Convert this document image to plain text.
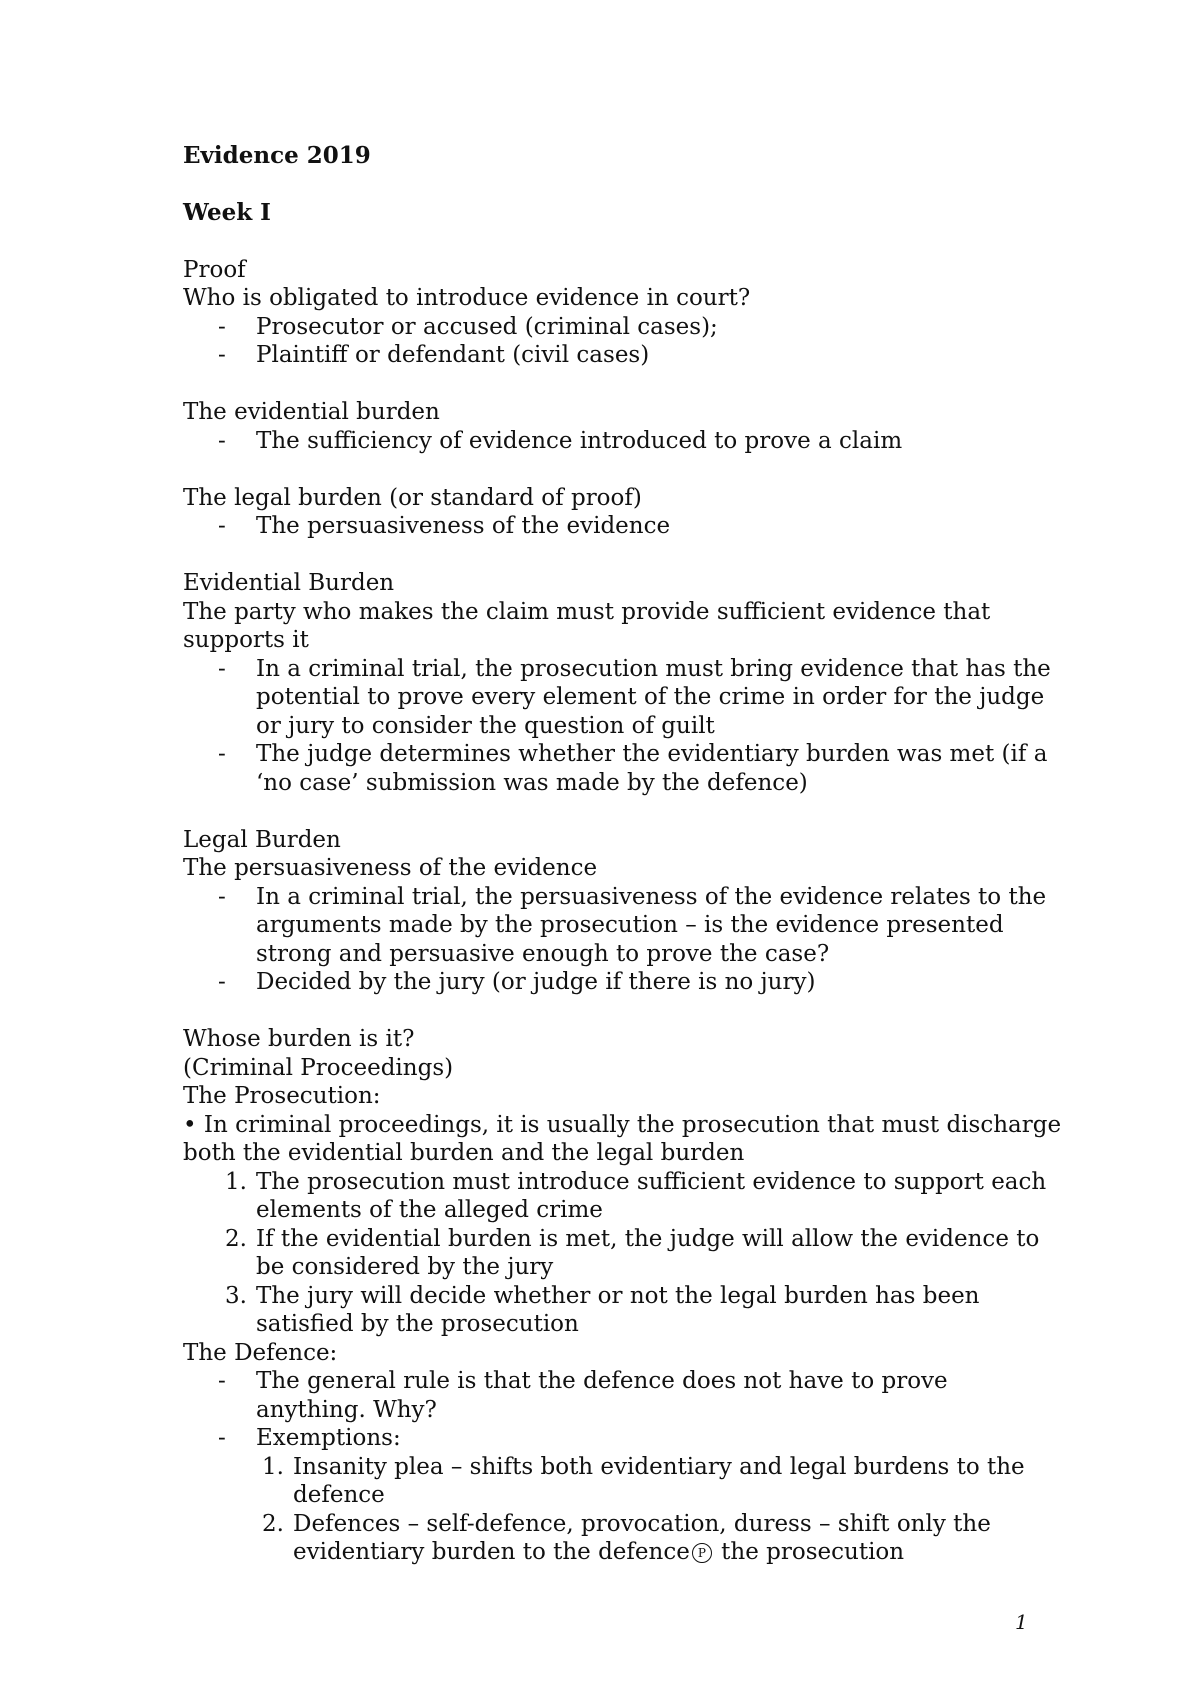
Evidence 2019
Week I
Proof
Who is obligated to introduce evidence in court?
-	Prosecutor or accused (criminal cases);
-	Plaintiff or defendant (civil cases)
The evidential burden
-	The sufficiency of evidence introduced to prove a claim
The legal burden (or standard of proof)
-	The persuasiveness of the evidence
Evidential Burden
The party who makes the claim must provide sufficient evidence that supports it
-	In a criminal trial, the prosecution must bring evidence that has the potential to prove every element of the crime in order for the judge or jury to consider the question of guilt
-	The judge determines whether the evidentiary burden was met (if a ‘no case’ submission was made by the defence)
Legal Burden
The persuasiveness of the evidence
-	In a criminal trial, the persuasiveness of the evidence relates to the arguments made by the prosecution – is the evidence presented strong and persuasive enough to prove the case?
-	Decided by the jury (or judge if there is no jury)
Whose burden is it?
(Criminal Proceedings)
The Prosecution:
• In criminal proceedings, it is usually the prosecution that must discharge both the evidential burden and the legal burden
1. The prosecution must introduce sufficient evidence to support each elements of the alleged crime
2. If the evidential burden is met, the judge will allow the evidence to be considered by the jury
3. The jury will decide whether or not the legal burden has been satisfied by the prosecution
The Defence:
-	The general rule is that the defence does not have to prove anything. Why?
-	Exemptions:
1. Insanity plea – shifts both evidentiary and legal burdens to the defence
2. Defences – self-defence, provocation, duress – shift only the evidentiary burden to the defence P the prosecution
1
